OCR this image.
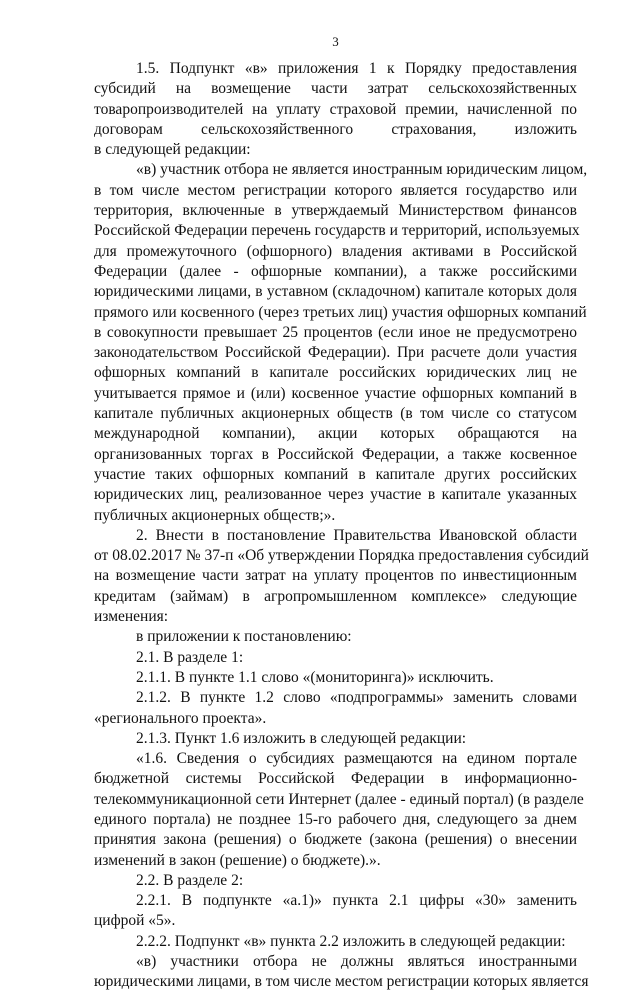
3
1.5. Подпункт «в» приложения 1 к Порядку предоставления
субсидий на возмещение части затрат сельскохозяйственных
товаропроизводителей на уплату страховой премии, начисленной по
договорам сельскохозяйственного страхования, изложить
в следующей редакции:
«в) участник отбора не является иностранным юридическим лицом,
в том числе местом регистрации которого является государство или
территория, включенные в утверждаемый Министерством финансов
Российской Федерации перечень государств и территорий, используемых
для промежуточного (офшорного) владения активами в Российской
Федерации (далее - офшорные компании), а также российскими
юридическими лицами, в уставном (складочном) капитале которых доля
прямого или косвенного (через третьих лиц) участия офшорных компаний
в совокупности превышает 25 процентов (если иное не предусмотрено
законодательством Российской Федерации). При расчете доли участия
офшорных компаний в капитале российских юридических лиц не
учитывается прямое и (или) косвенное участие офшорных компаний в
капитале публичных акционерных обществ (в том числе со статусом
международной компании), акции которых обращаются на
организованных торгах в Российской Федерации, а также косвенное
участие таких офшорных компаний в капитале других российских
юридических лиц, реализованное через участие в капитале указанных
публичных акционерных обществ;».
2. Внести в постановление Правительства Ивановской области
от 08.02.2017 № 37-п «Об утверждении Порядка предоставления субсидий
на возмещение части затрат на уплату процентов по инвестиционным
кредитам (займам) в агропромышленном комплексе» следующие
изменения:
в приложении к постановлению:
2.1. В разделе 1:
2.1.1. В пункте 1.1 слово «(мониторинга)» исключить.
2.1.2. В пункте 1.2 слово «подпрограммы» заменить словами
«регионального проекта».
2.1.3. Пункт 1.6 изложить в следующей редакции:
«1.6. Сведения о субсидиях размещаются на едином портале
бюджетной системы Российской Федерации в информационно-
телекоммуникационной сети Интернет (далее - единый портал) (в разделе
единого портала) не позднее 15-го рабочего дня, следующего за днем
принятия закона (решения) о бюджете (закона (решения) о внесении
изменений в закон (решение) о бюджете).».
2.2. В разделе 2:
2.2.1. В подпункте «а.1)» пункта 2.1 цифры «30» заменить
цифрой «5».
2.2.2. Подпункт «в» пункта 2.2 изложить в следующей редакции:
«в) участники отбора не должны являться иностранными
юридическими лицами, в том числе местом регистрации которых является
